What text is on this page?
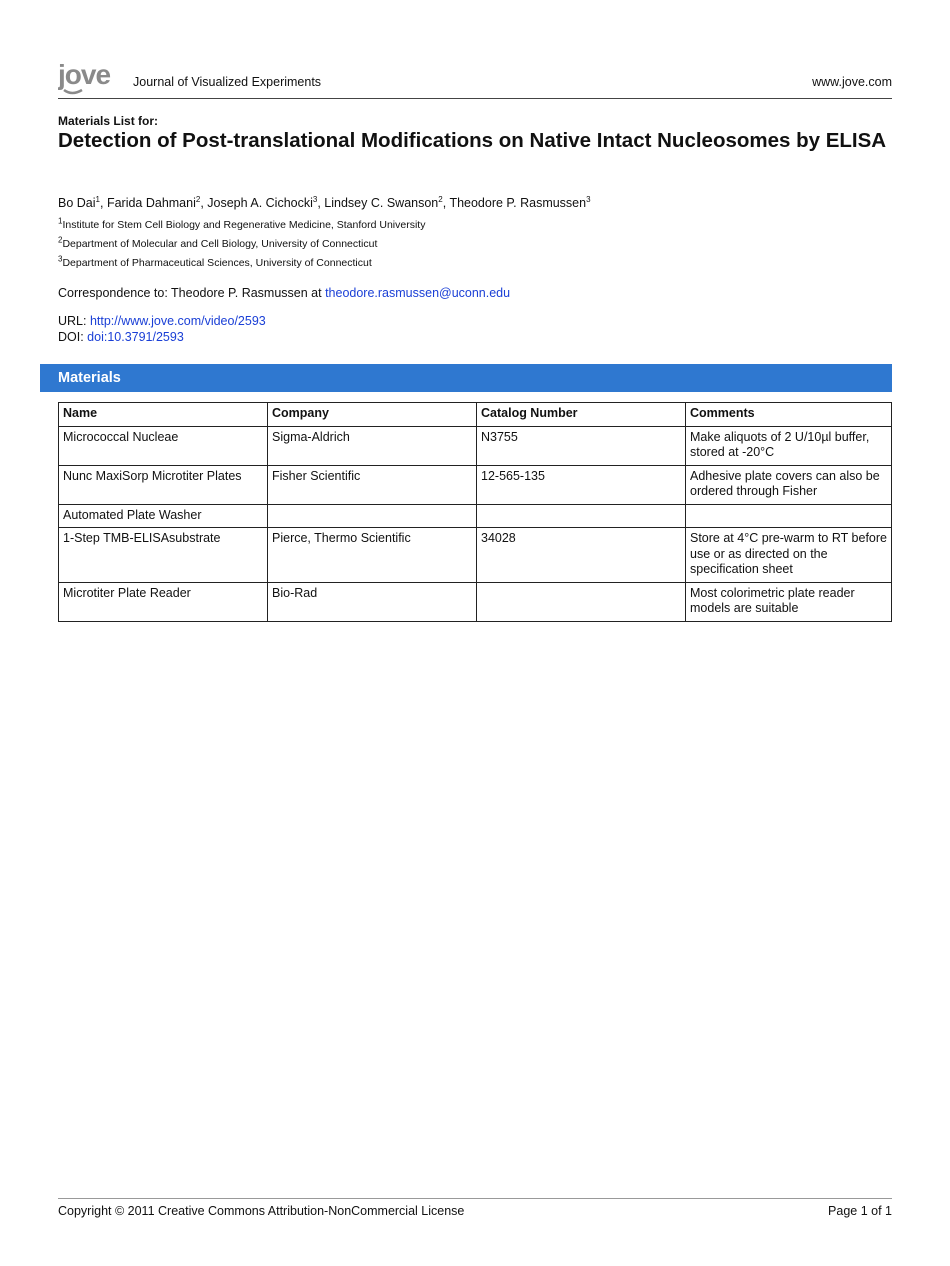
jove Journal of Visualized Experiments	www.jove.com
Materials List for:
Detection of Post-translational Modifications on Native Intact Nucleosomes by ELISA
Bo Dai$^1$, Farida Dahmani$^2$, Joseph A. Cichocki$^3$, Lindsey C. Swanson$^2$, Theodore P. Rasmussen$^3$
$^1$Institute for Stem Cell Biology and Regenerative Medicine, Stanford University
$^2$Department of Molecular and Cell Biology, University of Connecticut
$^3$Department of Pharmaceutical Sciences, University of Connecticut
Correspondence to: Theodore P. Rasmussen at theodore.rasmussen@uconn.edu
URL: http://www.jove.com/video/2593
DOI: doi:10.3791/2593
Materials
Name	Company	Catalog Number	Comments
Micrococcal Nucleae	Sigma-Aldrich	N3755	Make aliquots of 2 U/10µl buffer, stored at -20°C
Nunc MaxiSorp Microtiter Plates	Fisher Scientific	12-565-135	Adhesive plate covers can also be ordered through Fisher
Automated Plate Washer			
1-Step TMB-ELISAsubstrate	Pierce, Thermo Scientific	34028	Store at 4°C pre-warm to RT before use or as directed on the specification sheet
Microtiter Plate Reader	Bio-Rad		Most colorimetric plate reader models are suitable
Copyright © 2011 Creative Commons Attribution-NonCommercial License	Page 1 of 1
